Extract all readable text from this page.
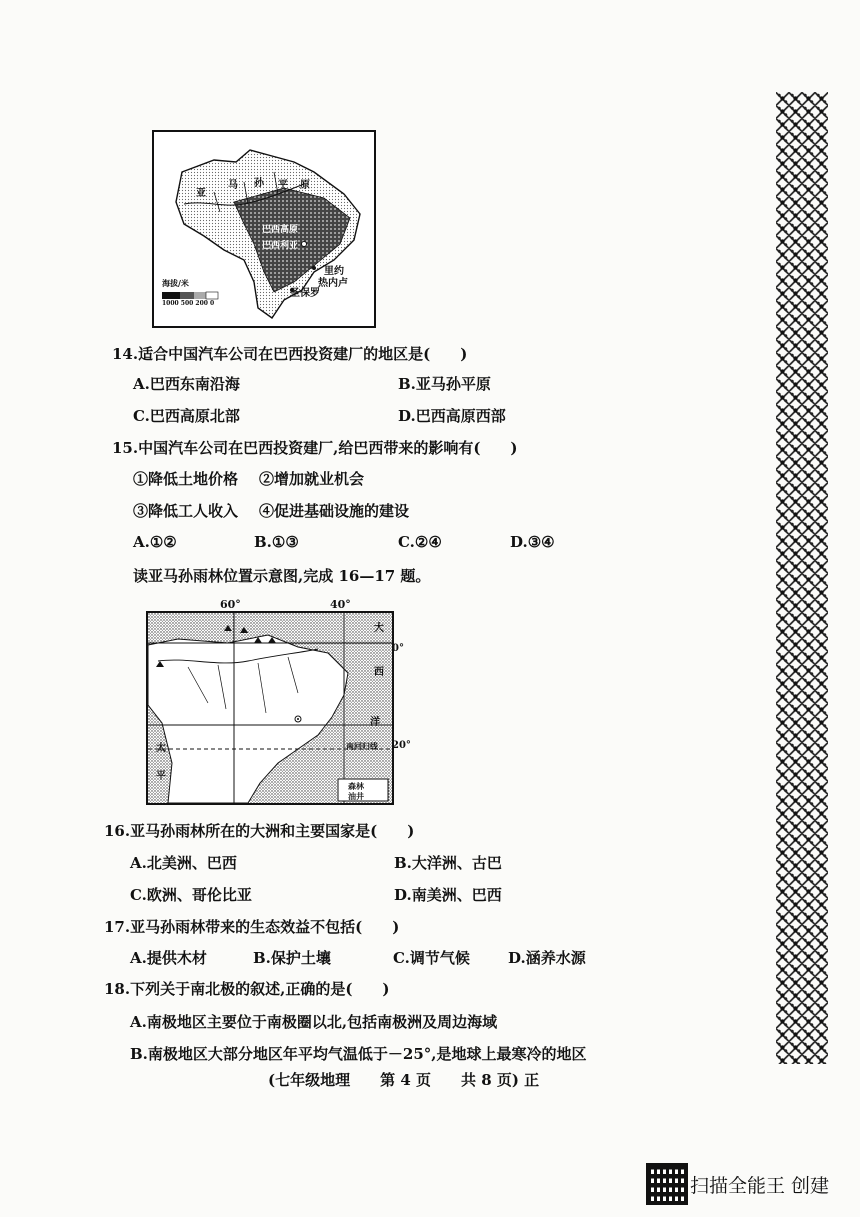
亚
马 孙 平 原
巴西高原
巴西利亚
里约
热内卢
圣保罗
海拔/米
1000 500 200 0
14.适合中国汽车公司在巴西投资建厂的地区是(　　)
A.巴西东南沿海	B.亚马孙平原
C.巴西高原北部	D.巴西高原西部
15.中国汽车公司在巴西投资建厂,给巴西带来的影响有(　　)
①降低土地价格 ②增加就业机会
③降低工人收入 ④促进基础设施的建设
A.①②	B.①③	C.②④	D.③④
读亚马孙雨林位置示意图,完成 16—17 题。
60°	40°
大
西
洋
太
平
南回归线
森林
油井
0°
20°
16.亚马孙雨林所在的大洲和主要国家是(　　)
A.北美洲、巴西	B.大洋洲、古巴
C.欧洲、哥伦比亚	D.南美洲、巴西
17.亚马孙雨林带来的生态效益不包括(　　)
A.提供木材	B.保护土壤	C.调节气候	D.涵养水源
18.下列关于南北极的叙述,正确的是(　　)
A.南极地区主要位于南极圈以北,包括南极洲及周边海域
B.南极地区大部分地区年平均气温低于－25°,是地球上最寒冷的地区
(七年级地理　　第 4 页　　共 8 页) 正
扫描全能王 创建
